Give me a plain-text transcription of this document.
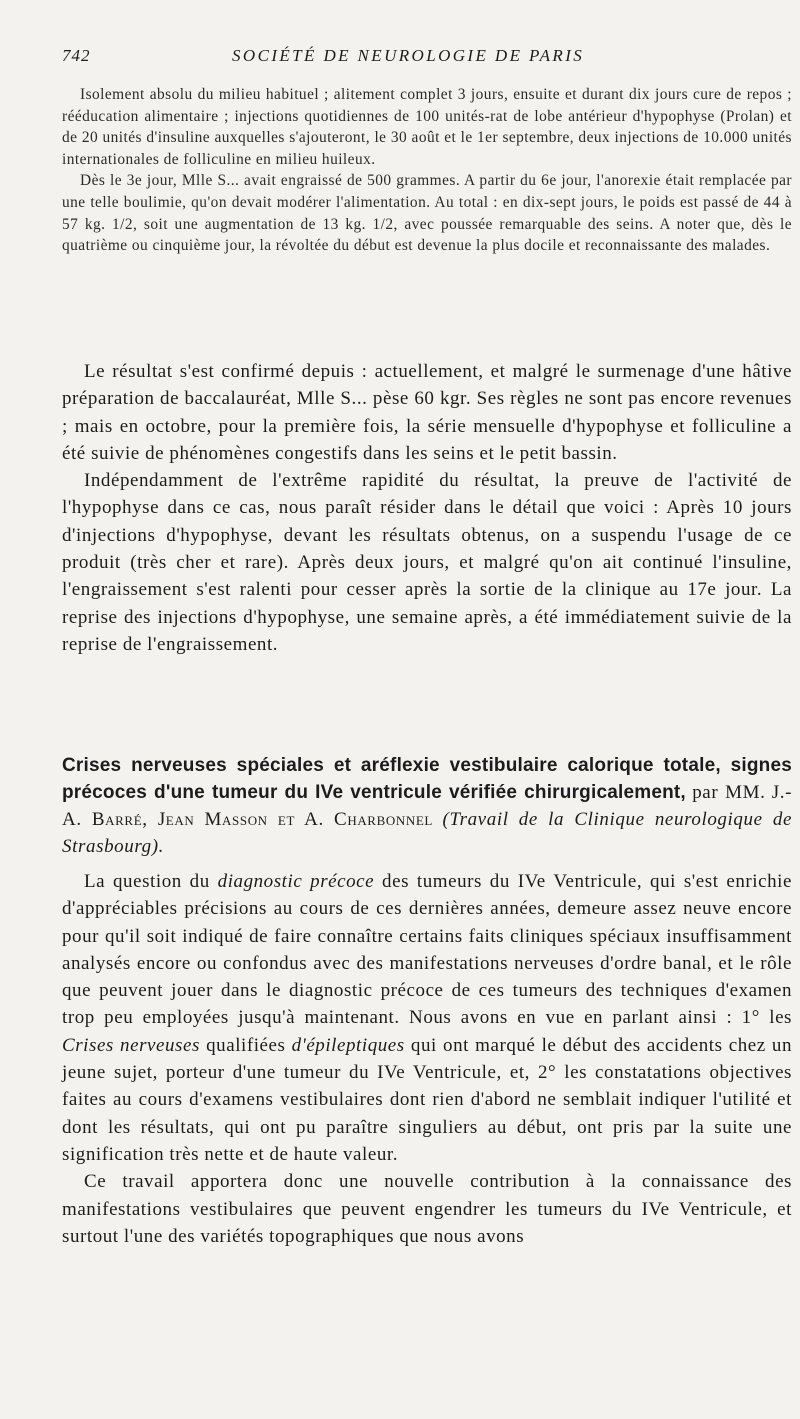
742	SOCIÉTÉ DE NEUROLOGIE DE PARIS

Isolement absolu du milieu habituel ; alitement complet 3 jours, ensuite et durant dix jours cure de repos ; rééducation alimentaire ; injections quotidiennes de 100 unités-rat de lobe antérieur d'hypophyse (Prolan) et de 20 unités d'insuline auxquelles s'ajouteront, le 30 août et le 1er septembre, deux injections de 10.000 unités internationales de folliculine en milieu huileux.

Dès le 3e jour, Mlle S... avait engraissé de 500 grammes. A partir du 6e jour, l'anorexie était remplacée par une telle boulimie, qu'on devait modérer l'alimentation. Au total : en dix-sept jours, le poids est passé de 44 à 57 kg. 1/2, soit une augmentation de 13 kg. 1/2, avec poussée remarquable des seins. A noter que, dès le quatrième ou cinquième jour, la révoltée du début est devenue la plus docile et reconnaissante des malades.

Le résultat s'est confirmé depuis : actuellement, et malgré le surmenage d'une hâtive préparation de baccalauréat, Mlle S... pèse 60 kgr. Ses règles ne sont pas encore revenues ; mais en octobre, pour la première fois, la série mensuelle d'hypophyse et folliculine a été suivie de phénomènes congestifs dans les seins et le petit bassin.

Indépendamment de l'extrême rapidité du résultat, la preuve de l'activité de l'hypophyse dans ce cas, nous paraît résider dans le détail que voici : Après 10 jours d'injections d'hypophyse, devant les résultats obtenus, on a suspendu l'usage de ce produit (très cher et rare). Après deux jours, et malgré qu'on ait continué l'insuline, l'engraissement s'est ralenti pour cesser après la sortie de la clinique au 17e jour. La reprise des injections d'hypophyse, une semaine après, a été immédiatement suivie de la reprise de l'engraissement.

Crises nerveuses spéciales et aréflexie vestibulaire calorique totale, signes précoces d'une tumeur du IVe ventricule vérifiée chirurgicalement, par MM. J.-A. Barré, Jean Masson et A. Charbonnel (Travail de la Clinique neurologique de Strasbourg).

La question du diagnostic précoce des tumeurs du IVe Ventricule, qui s'est enrichie d'appréciables précisions au cours de ces dernières années, demeure assez neuve encore pour qu'il soit indiqué de faire connaître certains faits cliniques spéciaux insuffisamment analysés encore ou confondus avec des manifestations nerveuses d'ordre banal, et le rôle que peuvent jouer dans le diagnostic précoce de ces tumeurs des techniques d'examen trop peu employées jusqu'à maintenant. Nous avons en vue en parlant ainsi : 1° les Crises nerveuses qualifiées d'épileptiques qui ont marqué le début des accidents chez un jeune sujet, porteur d'une tumeur du IVe Ventricule, et, 2° les constatations objectives faites au cours d'examens vestibulaires dont rien d'abord ne semblait indiquer l'utilité et dont les résultats, qui ont pu paraître singuliers au début, ont pris par la suite une signification très nette et de haute valeur.

Ce travail apportera donc une nouvelle contribution à la connaissance des manifestations vestibulaires que peuvent engendrer les tumeurs du IVe Ventricule, et surtout l'une des variétés topographiques que nous avons
